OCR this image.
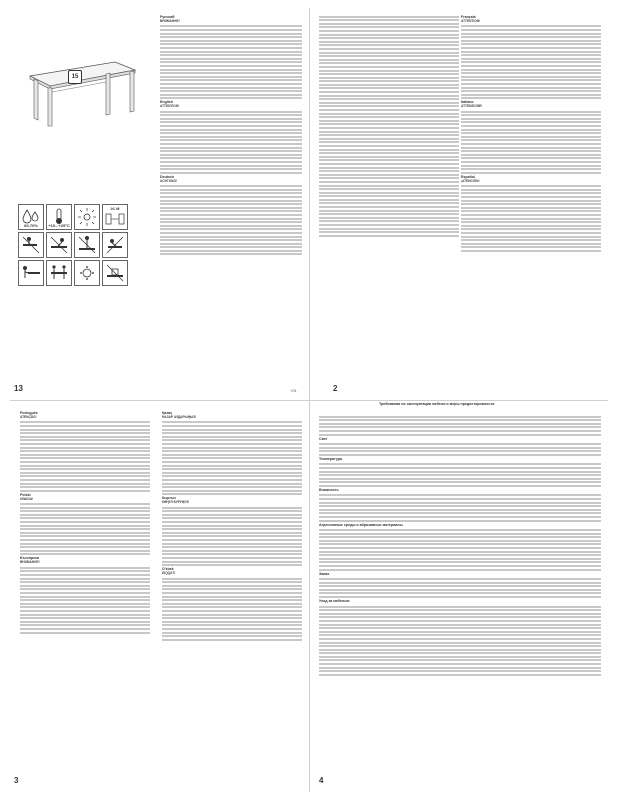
15
60-70%	+10...+25°C
≥1 M
Русский

ВНИМАНИЕ!

English

ATTENTION!

Deutsch

ACHTUNG!

13	+01
Français

ATTENTION!

Italiano

ATTENZIONE!

Español

¡ATENCIÓN!

2
Português

ATENÇÃO!

Polski

UWAGA!

Български

ВНИМАНИЕ!

Қазақ

НАЗАР АУДАРЫҢЫЗ!

Кыргыз

КӨҢҮЛ БУРУҢУЗ!

O'zbek

DIQQAT!

3
Требования по эксплуатации мебели и меры предосторожности
Свет
Температура
Влажность
Агрессивные среды и абразивные материалы
Запах
Уход за мебелью
4
